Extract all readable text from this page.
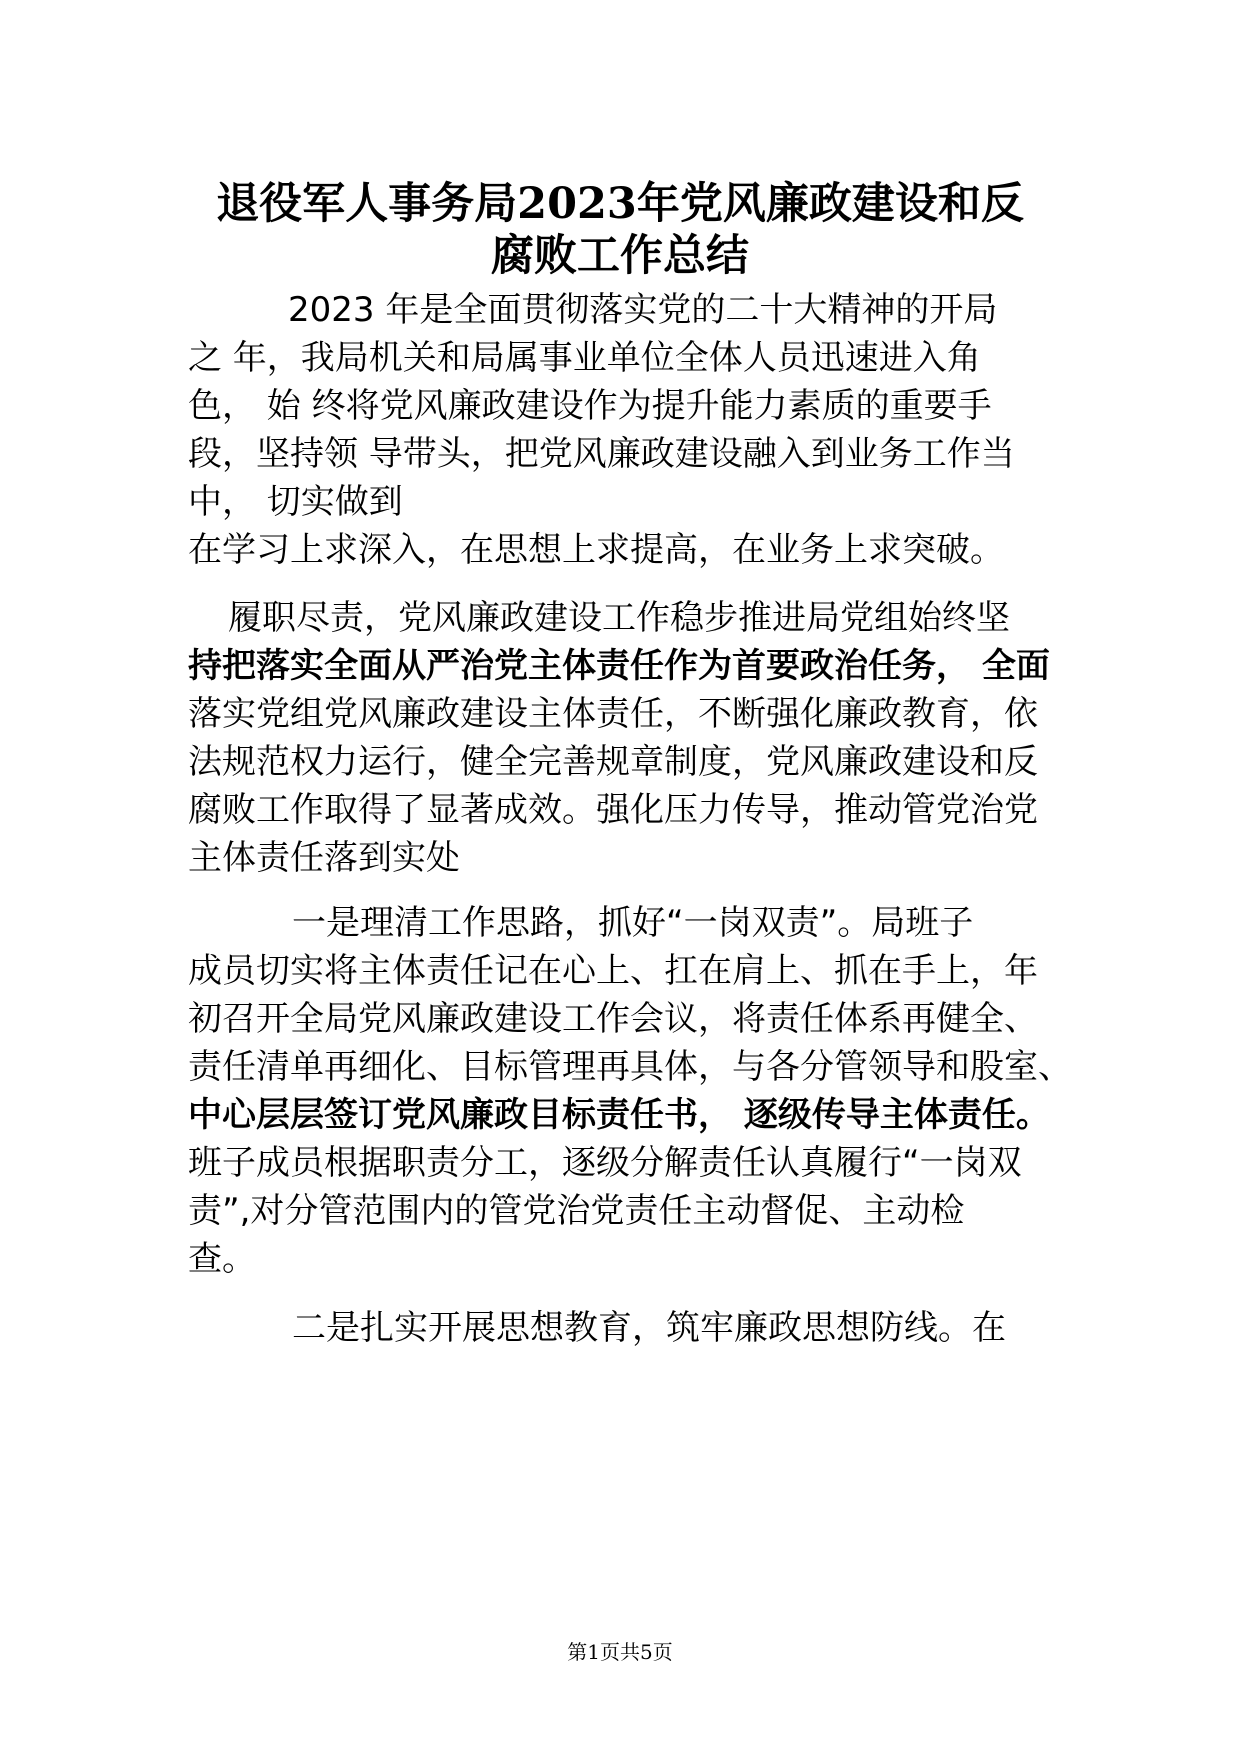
退役军人事务局2023年党风廉政建设和反
腐败工作总结

2023 年是全面贯彻落实党的二十大精神的开局

之 年，我局机关和局属事业单位全体人员迅速进入角

色， 始 终将党风廉政建设作为提升能力素质的重要手

段，坚持领 导带头，把党风廉政建设融入到业务工作当

中， 切实做到

在学习上求深入，在思想上求提高，在业务上求突破。

履职尽责，党风廉政建设工作稳步推进局党组始终坚

持把落实全面从严治党主体责任作为首要政治任务， 全面

落实党组党风廉政建设主体责任，不断强化廉政教育，依

法规范权力运行，健全完善规章制度，党风廉政建设和反

腐败工作取得了显著成效。强化压力传导，推动管党治党

主体责任落到实处

一是理清工作思路，抓好“一岗双责”。局班子

成员切实将主体责任记在心上、扛在肩上、抓在手上，年

初召开全局党风廉政建设工作会议，将责任体系再健全、

责任清单再细化、目标管理再具体，与各分管领导和股室、

中心层层签订党风廉政目标责任书， 逐级传导主体责任。

班子成员根据职责分工，逐级分解责任认真履行“一岗双

责”,对分管范围内的管党治党责任主动督促、主动检

查。

二是扎实开展思想教育，筑牢廉政思想防线。在

第1页共5页
